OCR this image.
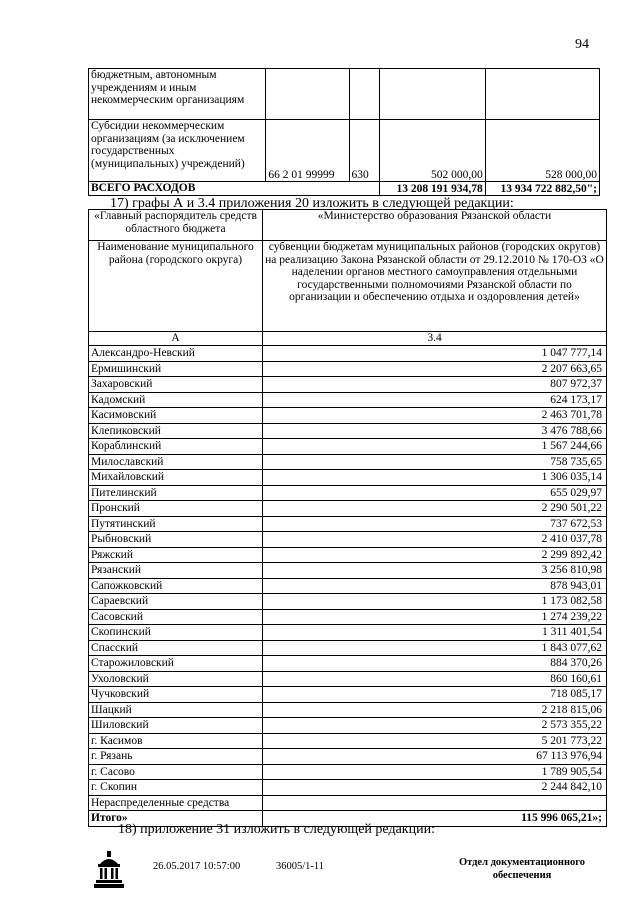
94
бюджетным, автономным учреждениям и иным некоммерческим организациям				
Субсидии некоммерческим организациям (за исключением государственных (муниципальных) учреждений)	66 2 01 99999	630	502 000,00	528 000,00
ВСЕГО РАСХОДОВ			13 208 191 934,78	13 934 722 882,50";
17) графы А и 3.4 приложения 20 изложить в следующей редакции:
«Главный распорядитель средств областного бюджета	«Министерство образования Рязанской области
Наименование муниципального района (городского округа)	субвенции бюджетам муниципальных районов (городских округов) на реализацию Закона Рязанской области от 29.12.2010 № 170-ОЗ «О наделении органов местного самоуправления отдельными государственными полномочиями Рязанской области по организации и обеспечению отдыха и оздоровления детей»
А	3.4
Александро-Невский	1 047 777,14
Ермишинский	2 207 663,65
Захаровский	807 972,37
Кадомский	624 173,17
Касимовский	2 463 701,78
Клепиковский	3 476 788,66
Кораблинский	1 567 244,66
Милославский	758 735,65
Михайловский	1 306 035,14
Пителинский	655 029,97
Пронский	2 290 501,22
Путятинский	737 672,53
Рыбновский	2 410 037,78
Ряжский	2 299 892,42
Рязанский	3 256 810,98
Сапожковский	878 943,01
Сараевский	1 173 082,58
Сасовский	1 274 239,22
Скопинский	1 311 401,54
Спасский	1 843 077,62
Старожиловский	884 370,26
Ухоловский	860 160,61
Чучковский	718 085,17
Шацкий	2 218 815,06
Шиловский	2 573 355,22
г. Касимов	5 201 773,22
г. Рязань	67 113 976,94
г. Сасово	1 789 905,54
г. Скопин	2 244 842,10
Нераспределенные средства	
Итого»	115 996 065,21»;
18) приложение 31 изложить в следующей редакции:
26.05.2017 10:57:00	36005/1-11	Отдел документационного
обеспечения
